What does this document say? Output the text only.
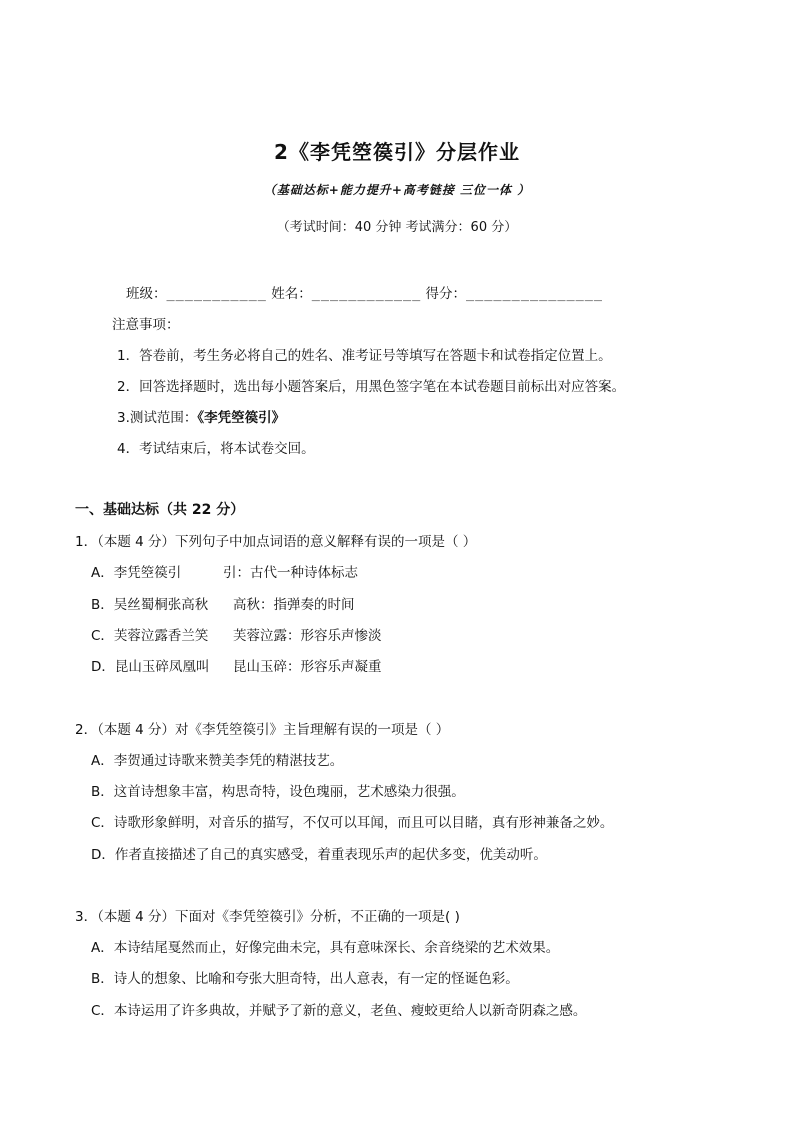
2《李凭箜篌引》分层作业
（基础达标+能力提升+高考链接 三位一体 ）
（考试时间：40 分钟 考试满分：60 分）
班级：___________ 姓名：____________ 得分：_______________
注意事项：
1．答卷前，考生务必将自己的姓名、准考证号等填写在答题卡和试卷指定位置上。
2．回答选择题时，选出每小题答案后，用黑色签字笔在本试卷题目前标出对应答案。
3.测试范围：《李凭箜篌引》
4．考试结束后，将本试卷交回。
一、基础达标（共 22 分）
1．（本题 4 分）下列句子中加点词语的意义解释有误的一项是（ ）
A．李凭箜篌引	引：古代一种诗体标志
B．吴丝蜀桐张高秋 高秋：指弹奏的时间
C．芙蓉泣露香兰笑 芙蓉泣露：形容乐声惨淡
D．昆山玉碎凤凰叫 昆山玉碎：形容乐声凝重
2．（本题 4 分）对《李凭箜篌引》主旨理解有误的一项是（ ）
A．李贺通过诗歌来赞美李凭的精湛技艺。
B．这首诗想象丰富，构思奇特，设色瑰丽，艺术感染力很强。
C．诗歌形象鲜明，对音乐的描写，不仅可以耳闻，而且可以目睹，真有形神兼备之妙。
D．作者直接描述了自己的真实感受，着重表现乐声的起伏多变，优美动听。
3．（本题 4 分）下面对《李凭箜篌引》分析，不正确的一项是( )
A．本诗结尾戛然而止，好像完曲未完，具有意味深长、余音绕梁的艺术效果。
B．诗人的想象、比喻和夸张大胆奇特，出人意表，有一定的怪诞色彩。
C．本诗运用了许多典故，并赋予了新的意义，老鱼、瘦蛟更给人以新奇阴森之感。
